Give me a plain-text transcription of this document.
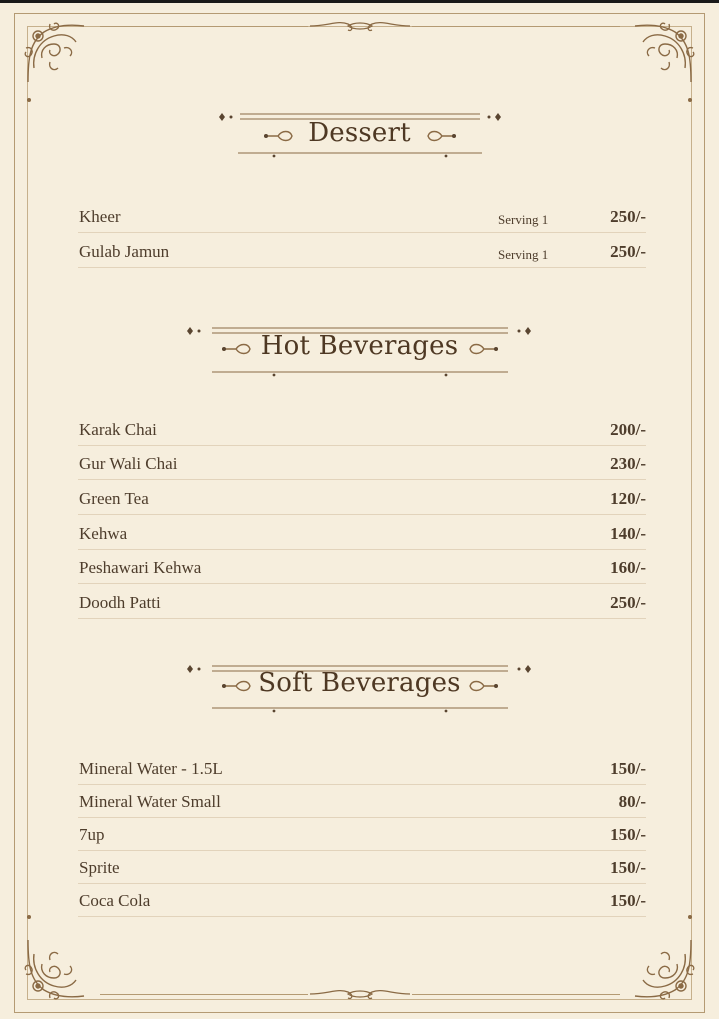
Dessert
Kheer	Serving 1	250/-
Gulab Jamun	Serving 1	250/-
Hot Beverages
Karak Chai	200/-
Gur Wali Chai	230/-
Green Tea	120/-
Kehwa	140/-
Peshawari Kehwa	160/-
Doodh Patti	250/-
Soft Beverages
Mineral Water - 1.5L	150/-
Mineral Water Small	80/-
7up	150/-
Sprite	150/-
Coca Cola	150/-
